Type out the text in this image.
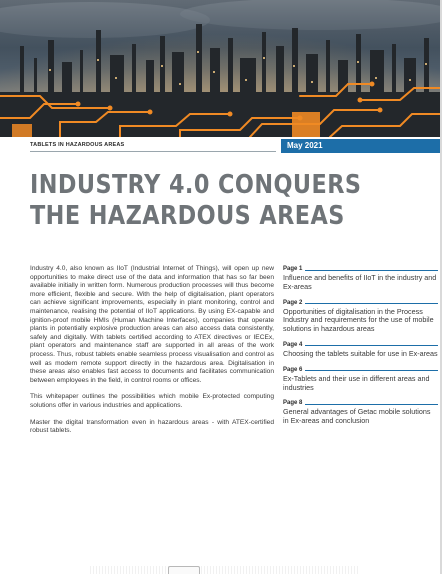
TABLETS IN HAZARDOUS AREAS	May 2021
INDUSTRY 4.0 CONQUERS
THE HAZARDOUS AREAS

Industry 4.0, also known as IIoT (Industrial Internet of Things), will open up new opportunities to make direct use of the data and information that has so far been available initially in written form. Numerous production processes will thus become more efficient, flexible and secure. With the help of digitalisation, plant operators can achieve significant improvements, especially in plant monitoring, control and maintenance, realising the potential of IIoT applications. By using EX-capable and ignition-proof mobile HMIs (Human Machine Interfaces), companies that operate plants in potentially explosive production areas can also access data consistently, safely and digitally. With tablets certified according to ATEX directives or IECEx, plant operators and maintenance staff are supported in all areas of the work process. Thus, robust tablets enable seamless process visualisation and control as well as modern remote support directly in the hazardous area. Digitalisation in these areas also enables fast access to documents and facilitates communication between employees in the field, in control rooms or offices.

This whitepaper outlines the possibilities which mobile Ex-protected computing solutions offer in various industries and applications.

Master the digital transformation even in hazardous areas - with ATEX-certified robust tablets.

Page 1
Influence and benefits of IIoT in the industry and Ex-areas
Page 2
Opportunities of digitalisation in the Process Industry and requirements for the use of mobile solutions in hazardous areas
Page 4
Choosing the tablets suitable for use in Ex-areas
Page 6
Ex-Tablets and their use in different areas and industries
Page 8
General advantages of Getac mobile solutions in Ex-areas and conclusion
